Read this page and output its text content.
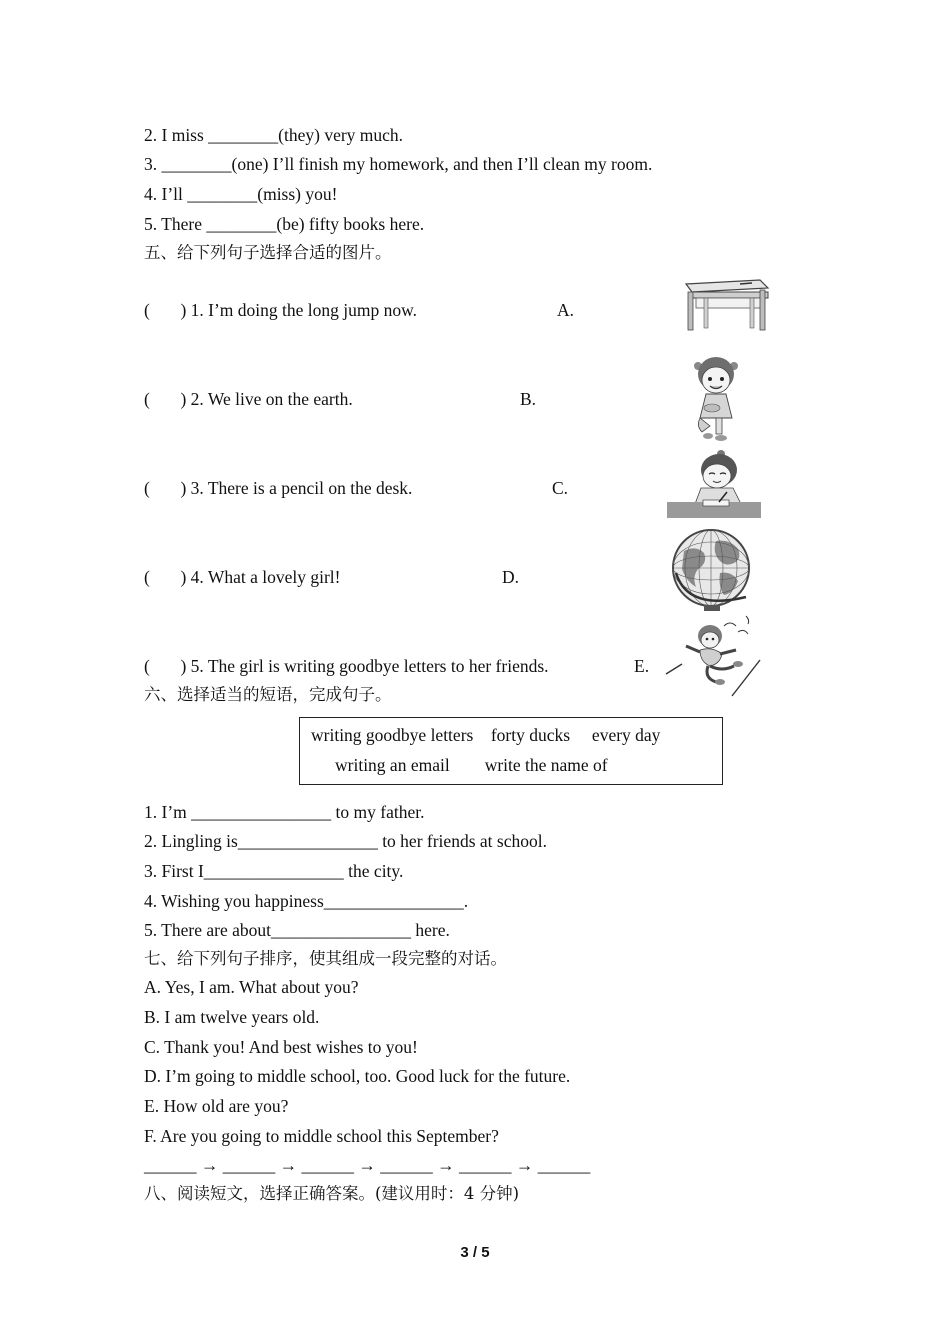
2. I miss ________(they) very much.
3. ________(one) I’ll finish my homework, and then I’ll clean my room.
4. I’ll ________(miss) you!
5. There ________(be) fifty books here.
五、给下列句子选择合适的图片。
(       ) 1. I’m doing the long jump now.	A.
(       ) 2. We live on the earth.	B.
(       ) 3. There is a pencil on the desk.	C.
(       ) 4. What a lovely girl!	D.
(       ) 5. The girl is writing goodbye letters to her friends.	E.
六、选择适当的短语，完成句子。
writing goodbye letters    forty ducks     every day
writing an email        write the name of
1. I’m ________________ to my father.
2. Lingling is________________ to her friends at school.
3. First I________________ the city.
4. Wishing you happiness________________.
5. There are about________________ here.
七、给下列句子排序，使其组成一段完整的对话。
A. Yes, I am. What about you?
B. I am twelve years old.
C. Thank you! And best wishes to you!
D. I’m going to middle school, too. Good luck for the future.
E. How old are you?
F. Are you going to middle school this September?
______ → ______ → ______ → ______ → ______ → ______
八、阅读短文，选择正确答案。(建议用时：4 分钟)
3 / 5
